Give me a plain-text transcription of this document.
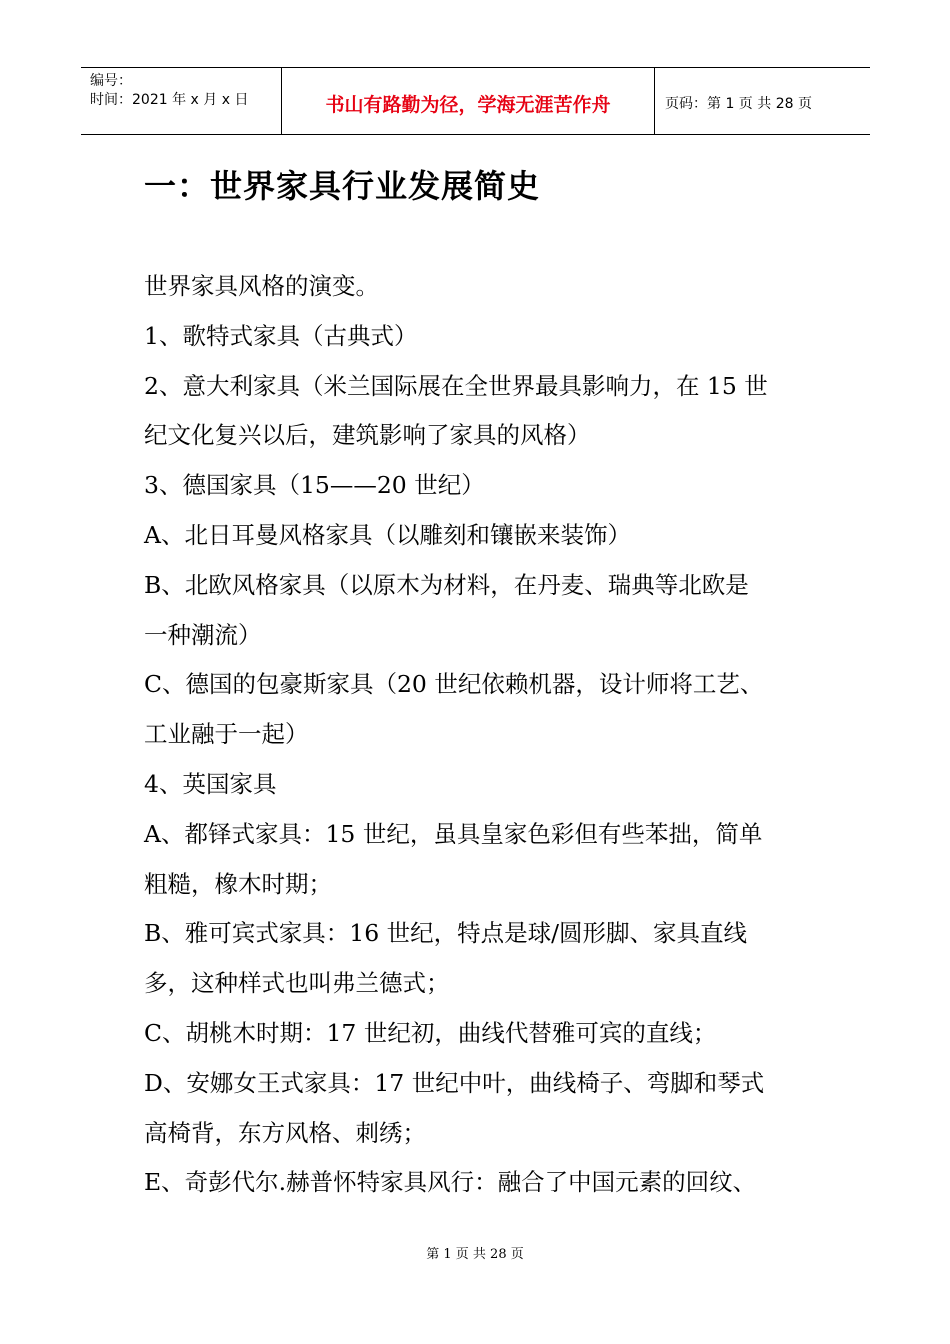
编号：
时间：2021 年 x 月 x 日	书山有路勤为径，学海无涯苦作舟	页码：第 1 页 共 28 页
一：世界家具行业发展简史
世界家具风格的演变。
1、歌特式家具（古典式）
2、意大利家具（米兰国际展在全世界最具影响力，在 15 世
纪文化复兴以后，建筑影响了家具的风格）
3、德国家具（15——20 世纪）
A、北日耳曼风格家具（以雕刻和镶嵌来装饰）
B、北欧风格家具（以原木为材料，在丹麦、瑞典等北欧是
一种潮流）
C、德国的包豪斯家具（20 世纪依赖机器，设计师将工艺、
工业融于一起）
4、英国家具
A、都铎式家具：15 世纪，虽具皇家色彩但有些苯拙，简单
粗糙，橡木时期；
B、雅可宾式家具：16 世纪，特点是球/圆形脚、家具直线
多，这种样式也叫弗兰德式；
C、胡桃木时期：17 世纪初，曲线代替雅可宾的直线；
D、安娜女王式家具：17 世纪中叶，曲线椅子、弯脚和琴式
高椅背，东方风格、刺绣；
E、奇彭代尔.赫普怀特家具风行：融合了中国元素的回纹、
第 1 页 共 28 页
